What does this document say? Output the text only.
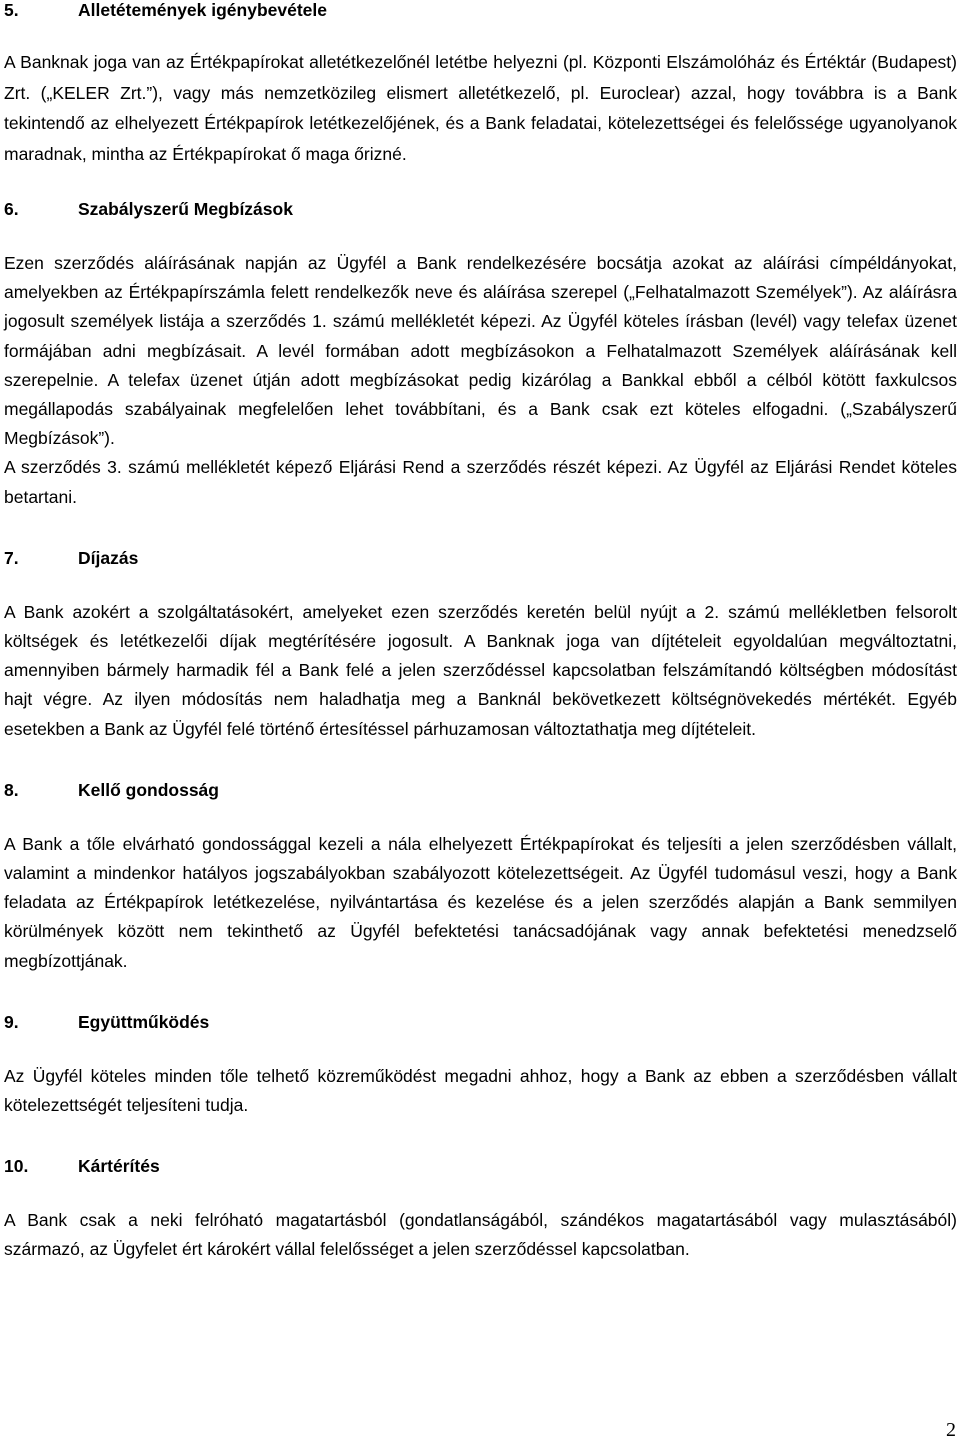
5.	Alletétemények igénybevétele

A Banknak joga van az Értékpapírokat alletétkezelőnél letétbe helyezni (pl. Központi Elszámolóház és Értéktár (Budapest) Zrt. („KELER Zrt.”), vagy más nemzetközileg elismert alletétkezelő, pl. Euroclear) azzal, hogy továbbra is a Bank tekintendő az elhelyezett Értékpapírok letétkezelőjének, és a Bank feladatai, kötelezettségei és felelőssége ugyanolyanok maradnak, mintha az Értékpapírokat ő maga őrizné.

6.	Szabályszerű Megbízások

Ezen szerződés aláírásának napján az Ügyfél a Bank rendelkezésére bocsátja azokat az aláírási címpéldányokat, amelyekben az Értékpapírszámla felett rendelkezők neve és aláírása szerepel („Felhatalmazott Személyek”). Az aláírásra jogosult személyek listája a szerződés 1. számú mellékletét képezi. Az Ügyfél köteles írásban (levél) vagy telefax üzenet formájában adni megbízásait. A levél formában adott megbízásokon a Felhatalmazott Személyek aláírásának kell szerepelnie. A telefax üzenet útján adott megbízásokat pedig kizárólag a Bankkal ebből a célból kötött faxkulcsos megállapodás szabályainak megfelelően lehet továbbítani, és a Bank csak ezt köteles elfogadni. („Szabályszerű Megbízások”).

A szerződés 3. számú mellékletét képező Eljárási Rend a szerződés részét képezi. Az Ügyfél az Eljárási Rendet köteles betartani.

7.	Díjazás

A Bank azokért a szolgáltatásokért, amelyeket ezen szerződés keretén belül nyújt a 2. számú mellékletben felsorolt költségek és letétkezelői díjak megtérítésére jogosult. A Banknak joga van díjtételeit egyoldalúan megváltoztatni, amennyiben bármely harmadik fél a Bank felé a jelen szerződéssel kapcsolatban felszámítandó költségben módosítást hajt végre. Az ilyen módosítás nem haladhatja meg a Banknál bekövetkezett költségnövekedés mértékét. Egyéb esetekben a Bank az Ügyfél felé történő értesítéssel párhuzamosan változtathatja meg díjtételeit.

8.	Kellő gondosság

A Bank a tőle elvárható gondossággal kezeli a nála elhelyezett Értékpapírokat és teljesíti a jelen szerződésben vállalt, valamint a mindenkor hatályos jogszabályokban szabályozott kötelezettségeit. Az Ügyfél tudomásul veszi, hogy a Bank feladata az Értékpapírok letétkezelése, nyilvántartása és kezelése és a jelen szerződés alapján a Bank semmilyen körülmények között nem tekinthető az Ügyfél befektetési tanácsadójának vagy annak befektetési menedzselő megbízottjának.

9.	Együttműködés

Az Ügyfél köteles minden tőle telhető közreműködést megadni ahhoz, hogy a Bank az ebben a szerződésben vállalt kötelezettségét teljesíteni tudja.

10.	Kártérítés

A Bank csak a neki felróható magatartásból (gondatlanságából, szándékos magatartásából vagy mulasztásából) származó, az Ügyfelet ért károkért vállal felelősséget a jelen szerződéssel kapcsolatban.

2
